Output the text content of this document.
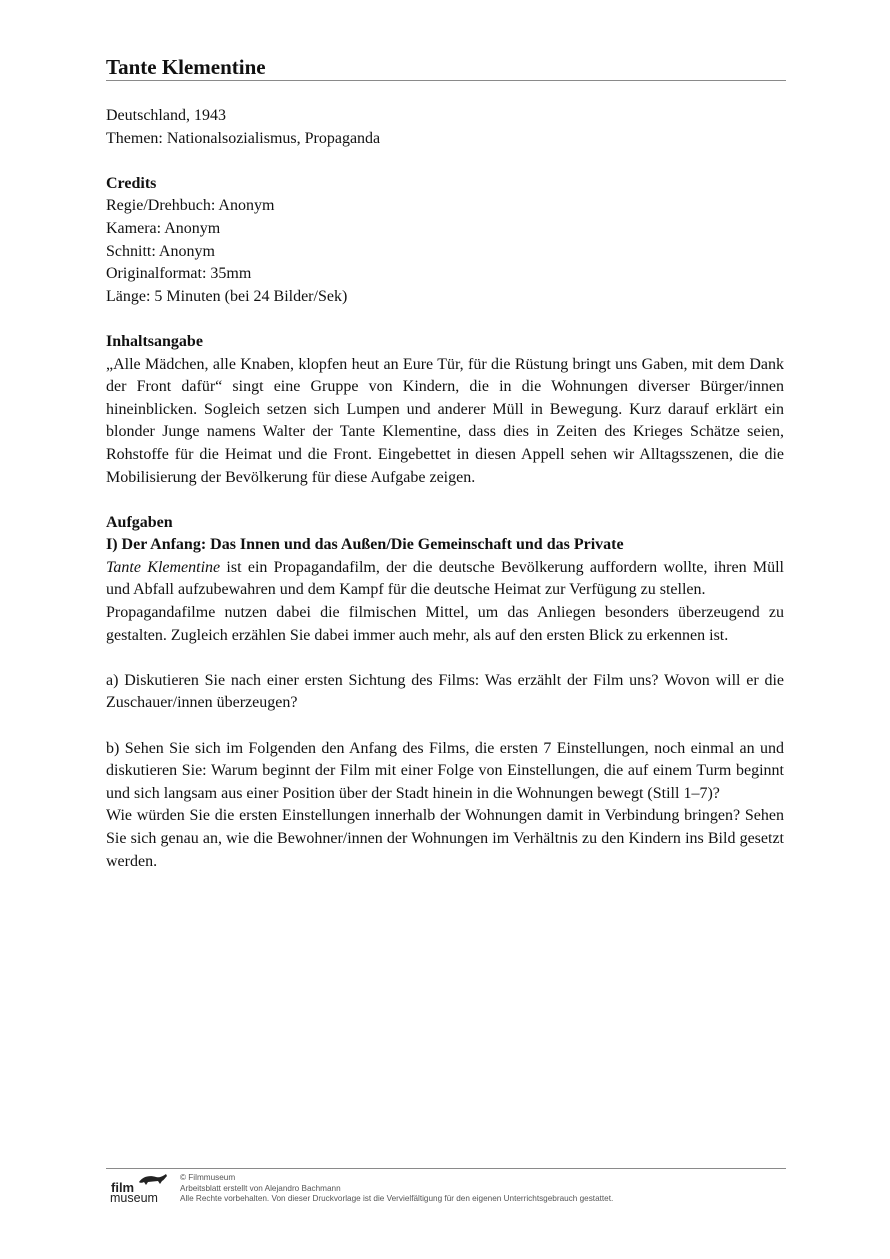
Tante Klementine

Deutschland, 1943

Themen: Nationalsozialismus, Propaganda

Credits

Regie/Drehbuch: Anonym

Kamera: Anonym

Schnitt: Anonym

Originalformat: 35mm

Länge: 5 Minuten (bei 24 Bilder/Sek)

Inhaltsangabe

„Alle Mädchen, alle Knaben, klopfen heut an Eure Tür, für die Rüstung bringt uns Gaben, mit dem Dank der Front dafür“ singt eine Gruppe von Kindern, die in die Wohnungen diverser Bürger/innen hineinblicken. Sogleich setzen sich Lumpen und anderer Müll in Bewegung. Kurz darauf erklärt ein blonder Junge namens Walter der Tante Klementine, dass dies in Zeiten des Krieges Schätze seien, Rohstoffe für die Heimat und die Front. Eingebettet in diesen Appell sehen wir Alltagsszenen, die die Mobilisierung der Bevölkerung für diese Aufgabe zeigen.

Aufgaben

I) Der Anfang: Das Innen und das Außen/Die Gemeinschaft und das Private

Tante Klementine ist ein Propagandafilm, der die deutsche Bevölkerung auffordern wollte, ihren Müll und Abfall aufzubewahren und dem Kampf für die deutsche Heimat zur Verfügung zu stellen.

Propagandafilme nutzen dabei die filmischen Mittel, um das Anliegen besonders überzeugend zu gestalten. Zugleich erzählen Sie dabei immer auch mehr, als auf den ersten Blick zu erkennen ist.

a) Diskutieren Sie nach einer ersten Sichtung des Films: Was erzählt der Film uns? Wovon will er die Zuschauer/innen überzeugen?

b) Sehen Sie sich im Folgenden den Anfang des Films, die ersten 7 Einstellungen, noch einmal an und diskutieren Sie: Warum beginnt der Film mit einer Folge von Einstellungen, die auf einem Turm beginnt und sich langsam aus einer Position über der Stadt hinein in die Wohnungen bewegt (Still 1–7)?

Wie würden Sie die ersten Einstellungen innerhalb der Wohnungen damit in Verbindung bringen? Sehen Sie sich genau an, wie die Bewohner/innen der Wohnungen im Verhältnis zu den Kindern ins Bild gesetzt werden.

film
museum
© Filmmuseum
Arbeitsblatt erstellt von Alejandro Bachmann
Alle Rechte vorbehalten. Von dieser Druckvorlage ist die Vervielfältigung für den eigenen Unterrichtsgebrauch gestattet.
